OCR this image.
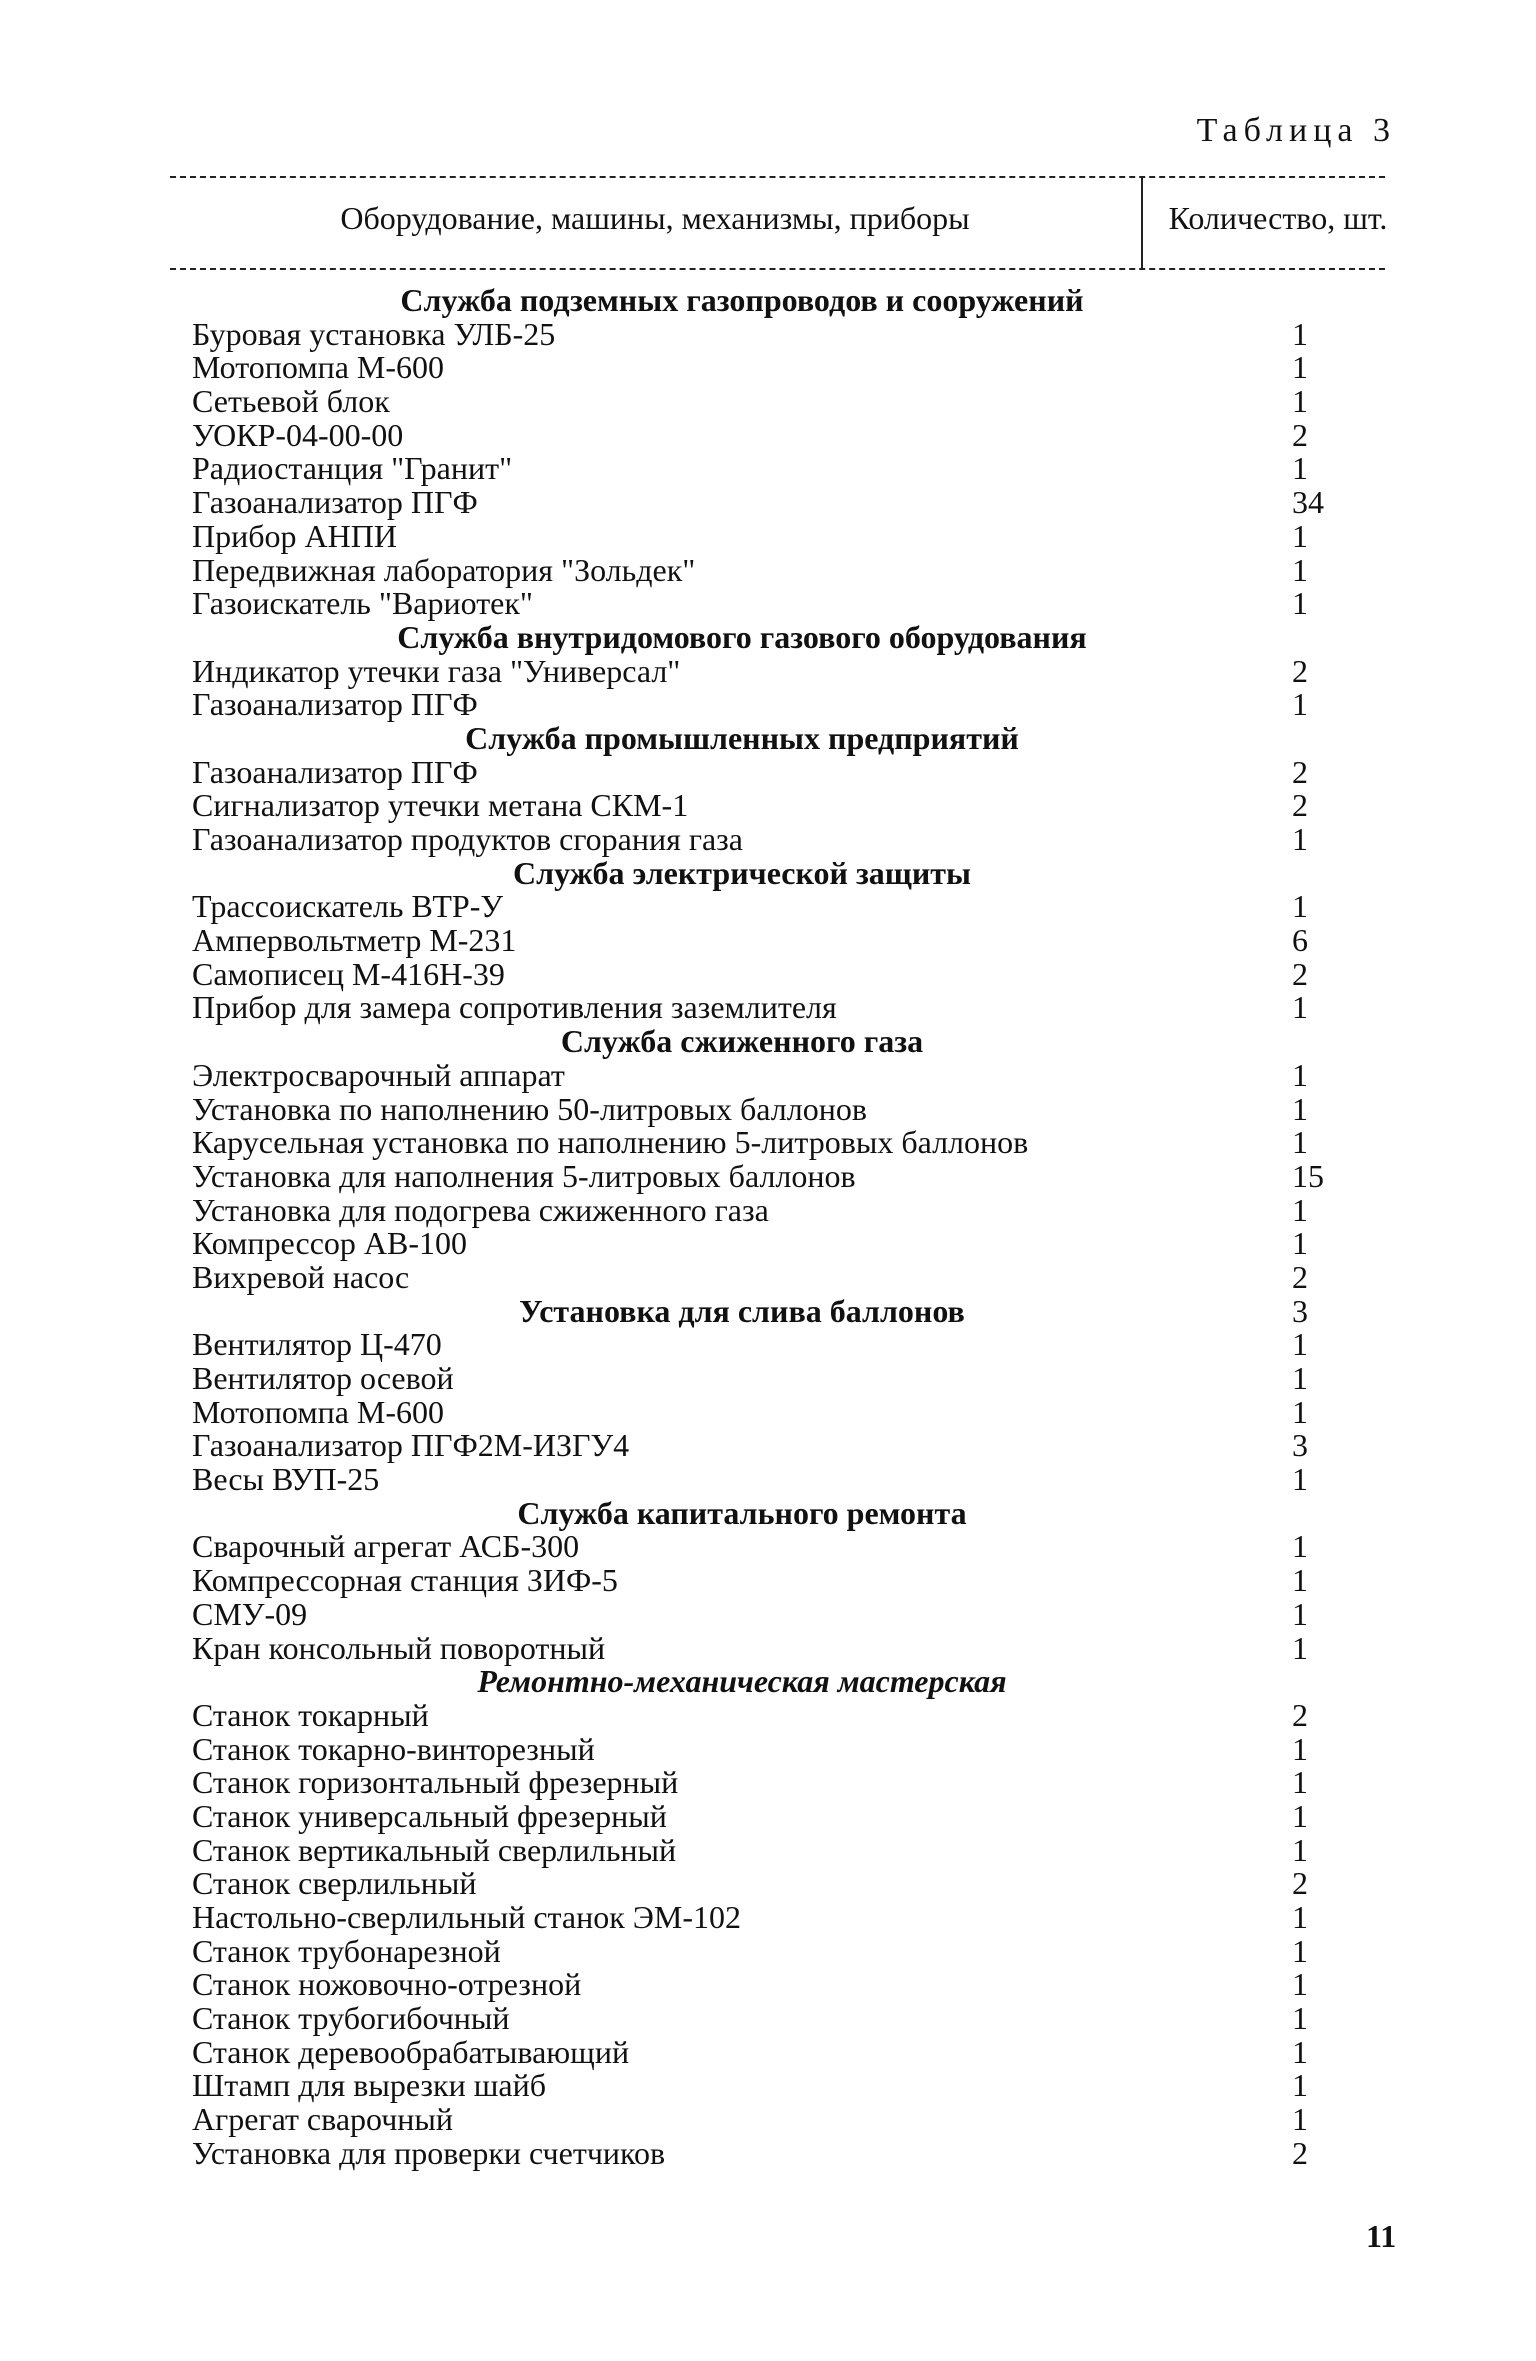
Таблица 3
Оборудование, машины, механизмы, приборы	Количество, шт.
Служба подземных газопроводов и сооружений
Буровая установка УЛБ-25	1
Мотопомпа М-600	1
Сетьевой блок	1
УОКР-04-00-00	2
Радиостанция "Гранит"	1
Газоанализатор ПГФ	34
Прибор АНПИ	1
Передвижная лаборатория "Зольдек"	1
Газоискатель "Вариотек"	1
Служба внутридомового газового оборудования
Индикатор утечки газа "Универсал"	2
Газоанализатор ПГФ	1
Служба промышленных предприятий
Газоанализатор ПГФ	2
Сигнализатор утечки метана СКМ-1	2
Газоанализатор продуктов сгорания газа	1
Служба электрической защиты
Трассоискатель ВТР-У	1
Ампервольтметр М-231	6
Самописец М-416Н-39	2
Прибор для замера сопротивления заземлителя	1
Служба сжиженного газа
Электросварочный аппарат	1
Установка по наполнению 50-литровых баллонов	1
Карусельная установка по наполнению 5-литровых баллонов	1
Установка для наполнения 5-литровых баллонов	15
Установка для подогрева сжиженного газа	1
Компрессор АВ-100	1
Вихревой насос	2
Установка для слива баллонов	3
Вентилятор Ц-470	1
Вентилятор осевой	1
Мотопомпа М-600	1
Газоанализатор ПГФ2М-ИЗГУ4	3
Весы ВУП-25	1
Служба капитального ремонта
Сварочный агрегат АСБ-300	1
Компрессорная станция ЗИФ-5	1
СМУ-09	1
Кран консольный поворотный	1
Ремонтно-механическая мастерская
Станок токарный	2
Станок токарно-винторезный	1
Станок горизонтальный фрезерный	1
Станок универсальный фрезерный	1
Станок вертикальный сверлильный	1
Станок сверлильный	2
Настольно-сверлильный станок ЭМ-102	1
Станок трубонарезной	1
Станок ножовочно-отрезной	1
Станок трубогибочный	1
Станок деревообрабатывающий	1
Штамп для вырезки шайб	1
Агрегат сварочный	1
Установка для проверки счетчиков	2
11
